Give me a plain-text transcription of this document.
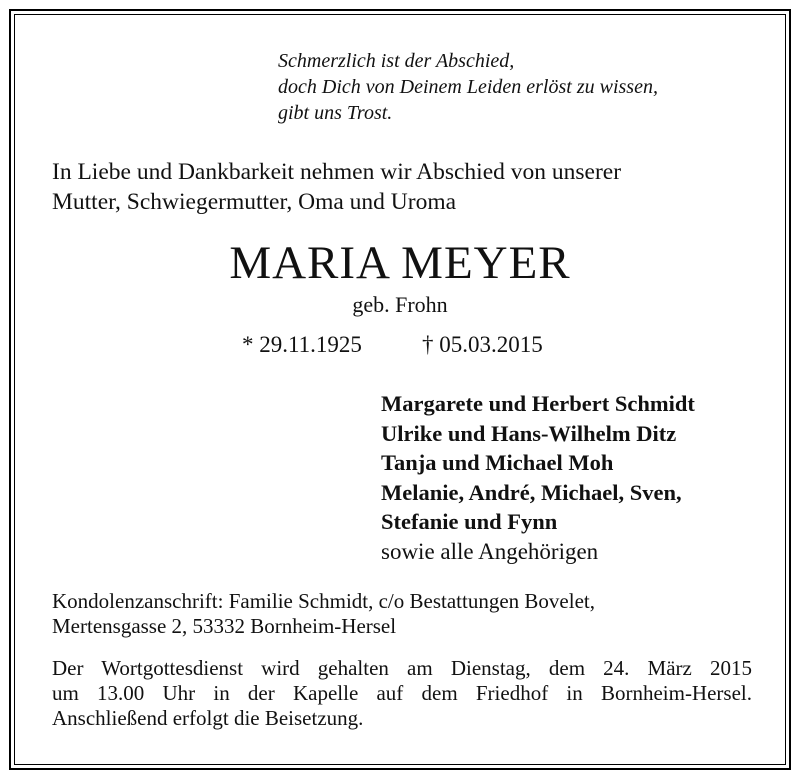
Schmerzlich ist der Abschied,
doch Dich von Deinem Leiden erlöst zu wissen,
gibt uns Trost.
In Liebe und Dankbarkeit nehmen wir Abschied von unserer
Mutter, Schwiegermutter, Oma und Uroma
MARIA MEYER
geb. Frohn
* 29.11.1925	† 05.03.2015
Margarete und Herbert Schmidt
Ulrike und Hans-Wilhelm Ditz
Tanja und Michael Moh
Melanie, André, Michael, Sven,
Stefanie und Fynn
sowie alle Angehörigen
Kondolenzanschrift: Familie Schmidt, c/o Bestattungen Bovelet,
Mertensgasse 2, 53332 Bornheim-Hersel
Der Wortgottesdienst wird gehalten am Dienstag, dem 24. März 2015
um 13.00 Uhr in der Kapelle auf dem Friedhof in Bornheim-Hersel.
Anschließend erfolgt die Beisetzung.
